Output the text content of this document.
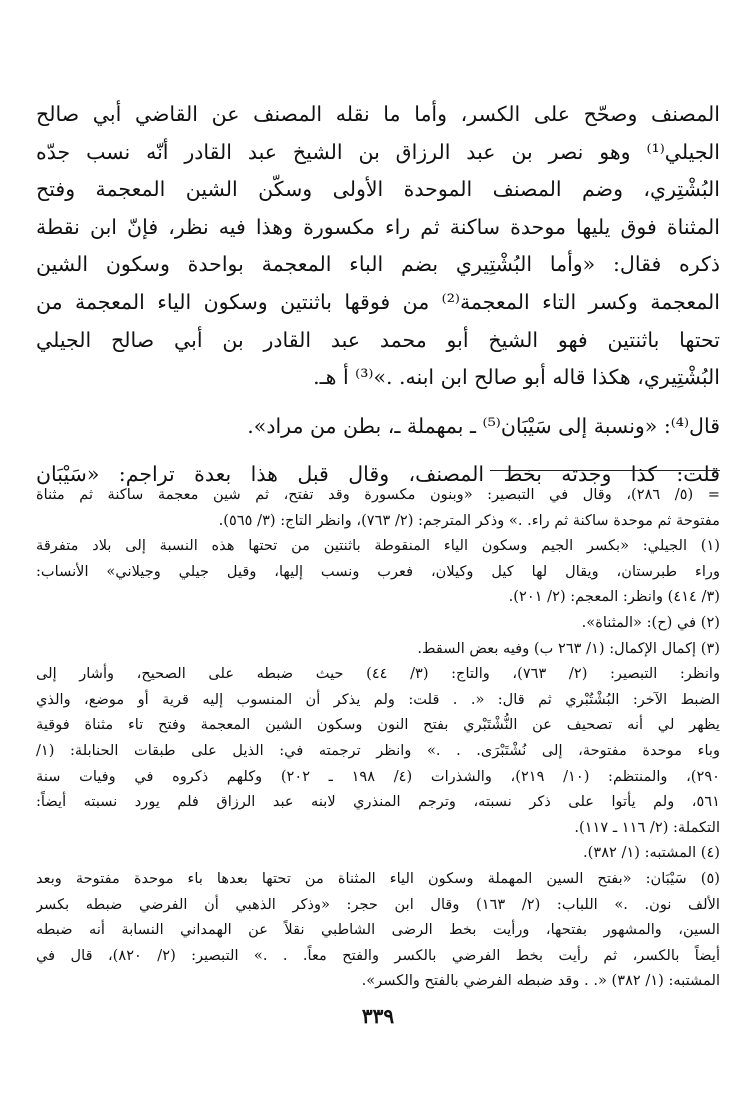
المصنف وصحّح على الكسر، وأما ما نقله المصنف عن القاضي أبي صالح
الجيلي⁽¹⁾ وهو نصر بن عبد الرزاق بن الشيخ عبد القادر أنّه نسب جدّه
البُشْتِري، وضم المصنف الموحدة الأولى وسكّن الشين المعجمة وفتح
المثناة فوق يليها موحدة ساكنة ثم راء مكسورة وهذا فيه نظر، فإنّ ابن نقطة
ذكره فقال: «وأما البُشْتِيري بضم الباء المعجمة بواحدة وسكون الشين
المعجمة وكسر التاء المعجمة⁽²⁾ من فوقها باثنتين وسكون الياء المعجمة من
تحتها باثنتين فهو الشيخ أبو محمد عبد القادر بن أبي صالح الجيلي
البُشْتِيري، هكذا قاله أبو صالح ابن ابنه. .»⁽³⁾ أ هـ.
قال⁽⁴⁾: «ونسبة إلى سَيْبَان⁽⁵⁾ ـ بمهملة ـ، بطن من مراد».
قلت: كذا وجدته بخط المصنف، وقال قبل هذا بعدة تراجم: «سَيْبَان
= (٥/ ٢٨٦)، وقال في التبصير: «وبنون مكسورة وقد تفتح، ثم شين معجمة ساكنة ثم مثناة
مفتوحة ثم موحدة ساكنة ثم راء. .» وذكر المترجم: (٢/ ٧٦٣)، وانظر التاج: (٣/ ٥٦٥).
(١) الجيلي: «بكسر الجيم وسكون الياء المنقوطة باثنتين من تحتها هذه النسبة إلى بلاد متفرقة
وراء طبرستان، ويقال لها كيل وكيلان، فعرب ونسب إليها، وقيل جيلي وجيلاني» الأنساب:
(٣/ ٤١٤) وانظر: المعجم: (٢/ ٢٠١).
(٢) في (ح): «المثناة».
(٣) إكمال الإكمال: (١/ ٢٦٣ ب) وفيه بعض السقط.
وانظر: التبصير: (٢/ ٧٦٣)، والتاج: (٣/ ٤٤) حيث ضبطه على الصحيح، وأشار إلى
الضبط الآخر: البُشْتُبْري ثم قال: «. . قلت: ولم يذكر أن المنسوب إليه قرية أو موضع، والذي
يظهر لي أنه تصحيف عن النُّشْتَبْري بفتح النون وسكون الشين المعجمة وفتح تاء مثناة فوقية
وباء موحدة مفتوحة، إلى نُشْتَبْرَى. . .» وانظر ترجمته في: الذيل على طبقات الحنابلة: (١/
٢٩٠)، والمنتظم: (١٠/ ٢١٩)، والشذرات (٤/ ١٩٨ ـ ٢٠٢) وكلهم ذكروه في وفيات سنة
٥٦١، ولم يأتوا على ذكر نسبته، وترجم المنذري لابنه عبد الرزاق فلم يورد نسبته أيضاً:
التكملة: (٢/ ١١٦ ـ ١١٧).
(٤) المشتبه: (١/ ٣٨٢).
(٥) سَيْبَان: «بفتح السين المهملة وسكون الياء المثناة من تحتها بعدها باء موحدة مفتوحة وبعد
الألف نون. .» اللباب: (٢/ ١٦٣) وقال ابن حجر: «وذكر الذهبي أن الفرضي ضبطه بكسر
السين، والمشهور بفتحها، ورأيت بخط الرضى الشاطبي نقلاً عن الهمداني النسابة أنه ضبطه
أيضاً بالكسر، ثم رأيت بخط الفرضي بالكسر والفتح معاً. . .» التبصير: (٢/ ٨٢٠)، قال في
المشتبه: (١/ ٣٨٢) «. . وقد ضبطه الفرضي بالفتح والكسر».
٣٣٩
